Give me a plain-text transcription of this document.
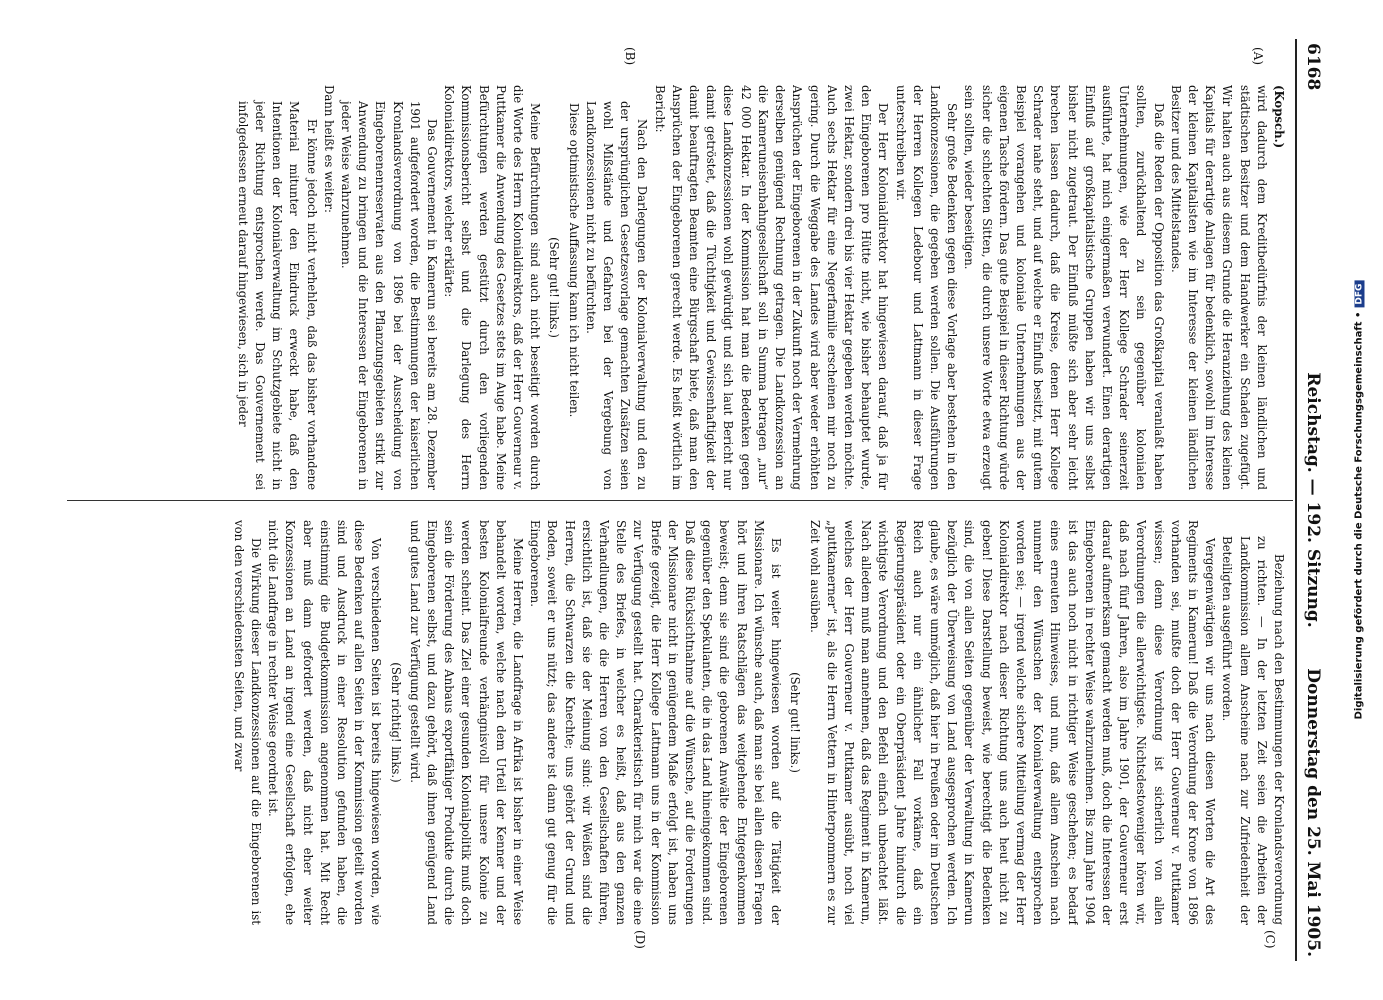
6168
Reichstag. — 192. Sitzung.
Donnerstag den 25. Mai 1905.
(A)
(B)
(C)
(D)

(Kopsch.)

wird dadurch dem Kreditbedürfnis der kleinen ländlichen und städtischen Besitzer und dem Handwerker ein Schaden zugefügt. Wir halten auch aus diesem Grunde die Heranziehung des kleinen Kapitals für derartige Anlagen für bedenklich, sowohl im Interesse der kleinen Kapitalisten wie im Interesse der kleinen ländlichen Besitzer und des Mittelstandes.

Daß die Reden der Opposition das Großkapital veranlaßt haben sollten, zurückhaltend zu sein gegenüber kolonialen Unternehmungen, wie der Herr Kollege Schrader seinerzeit ausführte, hat mich einigermaßen verwundert. Einen derartigen Einfluß auf großkapitalistische Gruppen haben wir uns selbst bisher nicht zugetraut. Der Einfluß müßte sich aber sehr leicht brechen lassen dadurch, daß die Kreise, denen Herr Kollege Schrader nahe steht, und auf welche er Einfluß besitzt, mit gutem Beispiel vorangehen und koloniale Unternehmungen aus der eigenen Tasche fördern. Das gute Beispiel in dieser Richtung würde sicher die schlechten Sitten, die durch unsere Worte etwa erzeugt sein sollten, wieder beseitigen.

Sehr große Bedenken gegen diese Vorlage aber bestehen in den Landkonzessionen, die gegeben werden sollen. Die Ausführungen der Herren Kollegen Ledebour und Lattmann in dieser Frage unterschreiben wir.

Der Herr Kolonialdirektor hat hingewiesen darauf, daß ja für den Eingeborenen pro Hütte nicht, wie bisher behauptet wurde, zwei Hektar, sondern drei bis vier Hektar gegeben werden möchte. Auch sechs Hektar für eine Negerfamilie erscheinen mir noch zu gering. Durch die Weggabe des Landes wird aber weder erhöhten Ansprüchen der Eingeborenen in der Zukunft noch der Vermehrung derselben genügend Rechnung getragen. Die Landkonzession an die Kameruneisenbahngesellschaft soll in Summa betragen „nur“ 42 000 Hektar. In der Kommission hat man die Bedenken gegen diese Landkonzessionen wohl gewürdigt und sich laut Bericht nur damit getröstet, daß die Tüchtigkeit und Gewissenhaftigkeit der damit beauftragten Beamten eine Bürgschaft biete, daß man den Ansprüchen der Eingeborenen gerecht werde. Es heißt wörtlich im Bericht:

Nach den Darlegungen der Kolonialverwaltung und den zu der ursprünglichen Gesetzesvorlage gemachten Zusätzen seien wohl Mißstände und Gefahren bei der Vergebung von Landkonzessionen nicht zu befürchten.

Diese optimistische Auffassung kann ich nicht teilen.

(Sehr gut! links.)

Meine Befürchtungen sind auch nicht beseitigt worden durch die Worte des Herrn Kolonialdirektors, daß der Herr Gouverneur v. Puttkamer die Anwendung des Gesetzes stets im Auge habe. Meine Befürchtungen werden gestützt durch den vorliegenden Kommissionsbericht selbst und die Darlegung des Herrn Kolonialdirektors, welcher erklärte:

Das Gouvernement in Kamerun sei bereits am 28. Dezember 1901 aufgefordert worden, die Bestimmungen der kaiserlichen Kronlandsverordnung von 1896 bei der Ausscheidung von Eingeborenenreservaten aus den Pflanzungsgebieten strikt zur Anwendung zu bringen und die Interessen der Eingeborenen in jeder Weise wahrzunehmen.

Dann heißt es weiter:

Er könne jedoch nicht verhehlen, daß das bisher vorhandene Material mitunter den Eindruck erweckt habe, daß den Intentionen der Kolonialverwaltung im Schutzgebiete nicht in jeder Richtung entsprochen werde. Das Gouvernement sei infolgedessen erneut darauf hingewiesen, sich in jeder

Beziehung nach den Bestimmungen der Kronlandsverordnung zu richten. — In der letzten Zeit seien die Arbeiten der Landkommission allem Anscheine nach zur Zufriedenheit der Beteiligten ausgeführt worden.

Vergegenwärtigen wir uns nach diesen Worten die Art des Regiments in Kamerun! Daß die Verordnung der Krone von 1896 vorhanden sei, mußte doch der Herr Gouverneur v. Puttkamer wissen; denn diese Verordnung ist sicherlich von allen Verordnungen die allerwichtigste. Nichtsdestoweniger hören wir, daß nach fünf Jahren, also im Jahre 1901, der Gouverneur erst darauf aufmerksam gemacht werden muß, doch die Interessen der Eingeborenen in rechter Weise wahrzunehmen. Bis zum Jahre 1904 ist das auch noch nicht in richtiger Weise geschehen; es bedarf eines erneuten Hinweises, und nun, daß allem Anschein nach nunmehr den Wünschen der Kolonialverwaltung entsprochen worden sei; — irgend welche sichere Mitteilung vermag der Herr Kolonialdirektor nach dieser Richtung uns auch heut nicht zu geben! Diese Darstellung beweist, wie berechtigt die Bedenken sind, die von allen Seiten gegenüber der Verwaltung in Kamerun bezüglich der Überweisung von Land ausgesprochen werden. Ich glaube, es wäre unmöglich, daß hier in Preußen oder im Deutschen Reich auch nur ein ähnlicher Fall vorkäme, daß ein Regierungspräsident oder ein Oberpräsident Jahre hindurch die wichtigste Verordnung und den Befehl einfach unbeachtet läßt. Nach alledem muß man annehmen, daß das Regiment in Kamerun, welches der Herr Gouverneur v. Puttkamer ausübt, noch viel „puttkamerner“ ist, als die Herrn Vettern in Hinterpommern es zur Zeit wohl ausüben.

(Sehr gut! links.)

Es ist weiter hingewiesen worden auf die Tätigkeit der Missionare. Ich wünsche auch, daß man sie bei allen diesen Fragen hört und ihren Ratschlägen das weitgehende Entgegenkommen beweist; denn sie sind die geborenen Anwälte der Eingeborenen gegenüber den Spekulanten, die in das Land hineingekommen sind. Daß diese Rücksichtnahme auf die Wünsche, auf die Forderungen der Missionare nicht in genügendem Maße erfolgt ist, haben uns Briefe gezeigt, die Herr Kollege Lattmann uns in der Kommission zur Verfügung gestellt hat. Charakteristisch für mich war die eine Stelle des Briefes, in welcher es heißt, daß aus den ganzen Verhandlungen, die die Herren von den Gesellschaften führen, ersichtlich ist, daß sie der Meinung sind: wir Weißen sind die Herren, die Schwarzen die Knechte; uns gehört der Grund und Boden, soweit er uns nützt; das andere ist dann gut genug für die Eingeborenen.

Meine Herren, die Landfrage in Afrika ist bisher in einer Weise behandelt worden, welche nach dem Urteil der Kenner und der besten Kolonialfreunde verhängnisvoll für unsere Kolonie zu werden scheint. Das Ziel einer gesunden Kolonialpolitik muß doch sein die Förderung des Anbaus exportfähiger Produkte durch die Eingeborenen selbst, und dazu gehört, daß ihnen genügend Land und gutes Land zur Verfügung gestellt wird.

(Sehr richtig! links.)

Von verschiedenen Seiten ist bereits hingewiesen worden, wie diese Bedenken auf allen Seiten in der Kommission geteilt worden sind und Ausdruck in einer Resolution gefunden haben, die einstimmig die Budgetkommission angenommen hat. Mit Recht aber muß dann gefordert werden, daß nicht eher weiter Konzessionen an Land an irgend eine Gesellschaft erfolgen, ehe nicht die Landfrage in rechter Weise geordnet ist.

Die Wirkung dieser Landkonzessionen auf die Eingeborenen ist von den verschiedensten Seiten, und zwar	Digitalisierung gefördert durch die Deutsche Forschungsgemeinschaft •DFG
